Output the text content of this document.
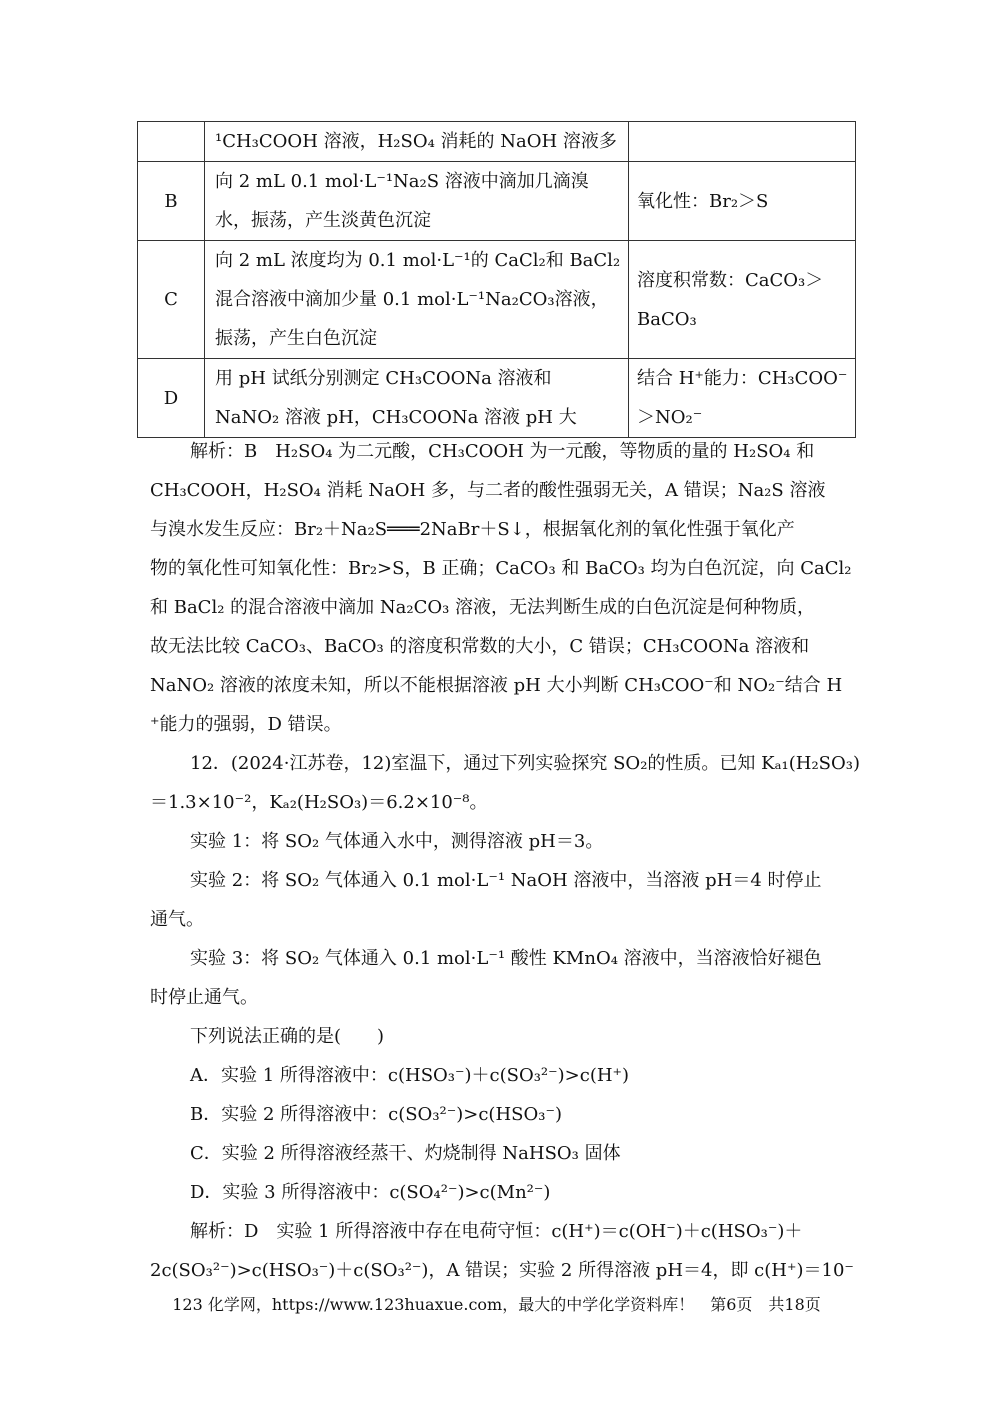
	¹CH₃COOH 溶液，H₂SO₄ 消耗的 NaOH 溶液多	

B	向 2 mL 0.1 mol·L⁻¹Na₂S 溶液中滴加几滴溴
水，振荡，产生淡黄色沉淀	氧化性：Br₂＞S
C	向 2 mL 浓度均为 0.1 mol·L⁻¹的 CaCl₂和 BaCl₂
混合溶液中滴加少量 0.1 mol·L⁻¹Na₂CO₃溶液，
振荡，产生白色沉淀	溶度积常数：CaCO₃＞
BaCO₃

D	用 pH 试纸分别测定 CH₃COONa 溶液和
NaNO₂ 溶液 pH，CH₃COONa 溶液 pH 大	结合 H⁺能力：CH₃COO⁻
＞NO₂⁻
解析：B　H₂SO₄ 为二元酸，CH₃COOH 为一元酸，等物质的量的 H₂SO₄ 和
CH₃COOH，H₂SO₄ 消耗 NaOH 多，与二者的酸性强弱无关，A 错误；Na₂S 溶液
与溴水发生反应：Br₂＋Na₂S═══2NaBr＋S↓，根据氧化剂的氧化性强于氧化产
物的氧化性可知氧化性：Br₂>S，B 正确；CaCO₃ 和 BaCO₃ 均为白色沉淀，向 CaCl₂
和 BaCl₂ 的混合溶液中滴加 Na₂CO₃ 溶液，无法判断生成的白色沉淀是何种物质，
故无法比较 CaCO₃、BaCO₃ 的溶度积常数的大小，C 错误；CH₃COONa 溶液和
NaNO₂ 溶液的浓度未知，所以不能根据溶液 pH 大小判断 CH₃COO⁻和 NO₂⁻结合 H
⁺能力的强弱，D 错误。
12．(2024·江苏卷，12)室温下，通过下列实验探究 SO₂的性质。已知 Kₐ₁(H₂SO₃)
＝1.3×10⁻²，Kₐ₂(H₂SO₃)＝6.2×10⁻⁸。
实验 1：将 SO₂ 气体通入水中，测得溶液 pH＝3。
实验 2：将 SO₂ 气体通入 0.1 mol·L⁻¹ NaOH 溶液中，当溶液 pH＝4 时停止
通气。
实验 3：将 SO₂ 气体通入 0.1 mol·L⁻¹ 酸性 KMnO₄ 溶液中，当溶液恰好褪色
时停止通气。
下列说法正确的是(　　)
A．实验 1 所得溶液中：c(HSO₃⁻)＋c(SO₃²⁻)>c(H⁺)
B．实验 2 所得溶液中：c(SO₃²⁻)>c(HSO₃⁻)
C．实验 2 所得溶液经蒸干、灼烧制得 NaHSO₃ 固体
D．实验 3 所得溶液中：c(SO₄²⁻)>c(Mn²⁻)
解析：D　实验 1 所得溶液中存在电荷守恒：c(H⁺)＝c(OH⁻)＋c(HSO₃⁻)＋
2c(SO₃²⁻)>c(HSO₃⁻)＋c(SO₃²⁻)，A 错误；实验 2 所得溶液 pH＝4，即 c(H⁺)＝10⁻
123 化学网，https://www.123huaxue.com，最大的中学化学资料库！　第6页　共18页
